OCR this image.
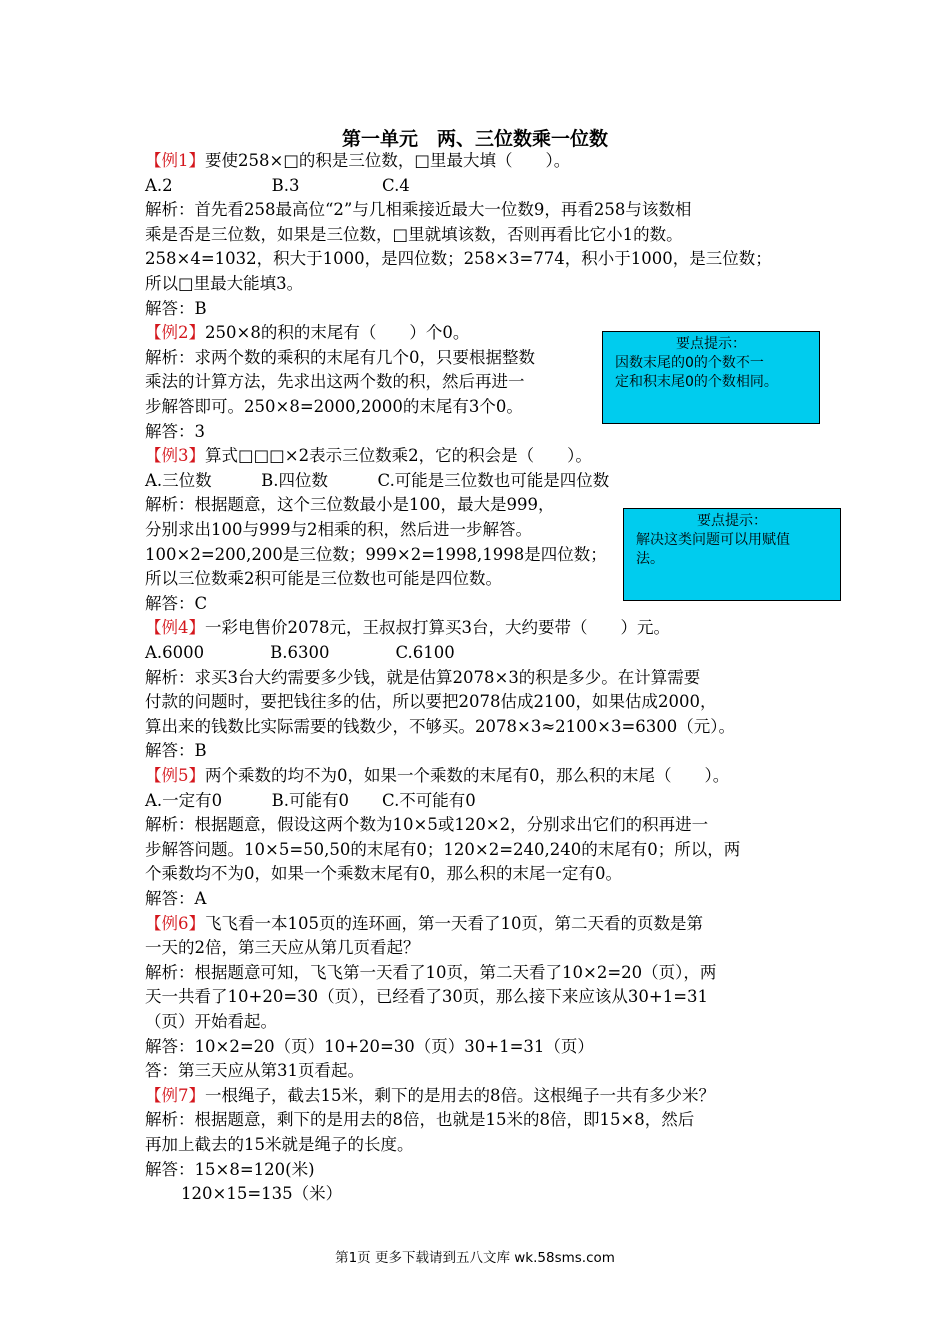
第一单元　两、三位数乘一位数
【例1】要使258×□的积是三位数，□里最大填（　　）。
A.2　　　　　　B.3　　　　　C.4
解析：首先看258最高位“2”与几相乘接近最大一位数9，再看258与该数相
乘是否是三位数，如果是三位数，□里就填该数，否则再看比它小1的数。
258×4=1032，积大于1000，是四位数；258×3=774，积小于1000，是三位数；
所以□里最大能填3。
解答：B
【例2】250×8的积的末尾有（　　）个0。
解析：求两个数的乘积的末尾有几个0，只要根据整数
乘法的计算方法，先求出这两个数的积，然后再进一
步解答即可。250×8=2000,2000的末尾有3个0。
解答：3
【例3】算式□□□×2表示三位数乘2，它的积会是（　　）。
A.三位数　　　B.四位数　　　C.可能是三位数也可能是四位数
解析：根据题意，这个三位数最小是100，最大是999，
分别求出100与999与2相乘的积，然后进一步解答。
100×2=200,200是三位数；999×2=1998,1998是四位数；
所以三位数乘2积可能是三位数也可能是四位数。
解答：C
【例4】一彩电售价2078元，王叔叔打算买3台，大约要带（　　）元。
A.6000　　　　B.6300　　　　C.6100
解析：求买3台大约需要多少钱，就是估算2078×3的积是多少。在计算需要
付款的问题时，要把钱往多的估，所以要把2078估成2100，如果估成2000，
算出来的钱数比实际需要的钱数少，不够买。2078×3≈2100×3=6300（元）。
解答：B
【例5】两个乘数的均不为0，如果一个乘数的末尾有0，那么积的末尾（　　）。
A.一定有0　　　B.可能有0　　C.不可能有0
解析：根据题意，假设这两个数为10×5或120×2，分别求出它们的积再进一
步解答问题。10×5=50,50的末尾有0；120×2=240,240的末尾有0；所以，两
个乘数均不为0，如果一个乘数末尾有0，那么积的末尾一定有0。
解答：A
【例6】飞飞看一本105页的连环画，第一天看了10页，第二天看的页数是第
一天的2倍，第三天应从第几页看起？
解析：根据题意可知，飞飞第一天看了10页，第二天看了10×2=20（页），两
天一共看了10+20=30（页），已经看了30页，那么接下来应该从30+1=31
（页）开始看起。
解答：10×2=20（页）10+20=30（页）30+1=31（页）
答：第三天应从第31页看起。
【例7】一根绳子，截去15米，剩下的是用去的8倍。这根绳子一共有多少米？
解析：根据题意，剩下的是用去的8倍，也就是15米的8倍，即15×8，然后
再加上截去的15米就是绳子的长度。
解答：15×8=120(米)
120×15=135（米）
要点提示：
因数末尾的0的个数不一
定和积末尾0的个数相同。
要点提示：
解决这类问题可以用赋值
法。
第1页 更多下载请到五八文库 wk.58sms.com
